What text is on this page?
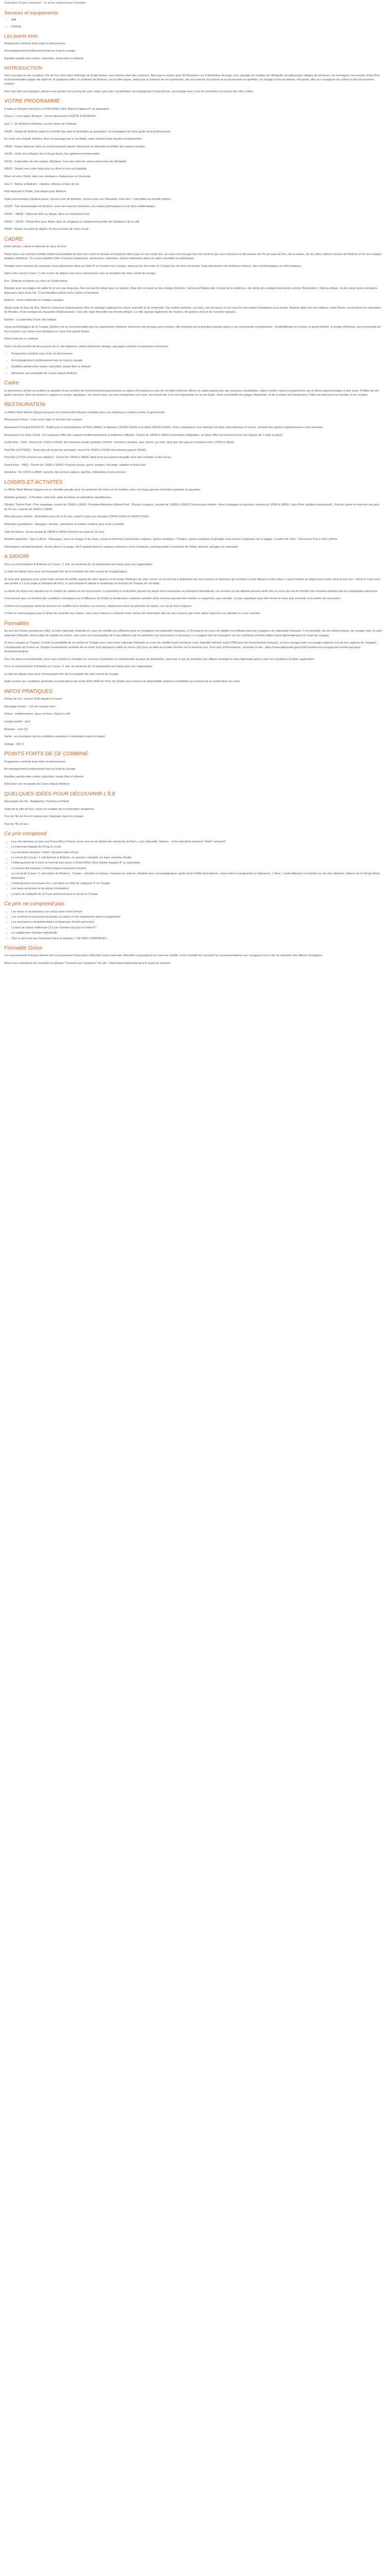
Description Ce qui'e comprend – Ce qui'ne comprend pas Formalités
Services et équipements
• Wifi
• Parking
Les points forts

Programme combiné mais riche en découvertes

Accompagnement professionnel tout au long du voyage

Équilibre parfait entre visites culturelles, temps libre et détente

INTRODUCTION

Terre sauvage et mer complice, l'île de Kos vibre dans l'héritage du Dodécanèse, vous réserve bien des surprises. Bien que le moteur pour 40 kilomètres sur 8 kilomètres de large, tous reguage de vestiges de l'Antiquité, de pittoresque villages de pêcheurs, de montagnes recouvertes d'une flore et d'innombrables plages de sable fin. À quelques milles, le confluent de Bodrum, sur la côte turque, séduit par la richesse de son patrimoine, par son marché aux épices et sa promenade en goélette. Ce voyage à trois en bateau, très prisé, offre aux voyageurs du confort et des découvertes uniques.

Pour être bien accompagné, laissez-vous guider tout au long de votre séjour par notre sympathique accompagnateur francophone, qui partage avec vous les anecdotes et secrets des sites visités.

VOTRE PROGRAMME

5 nuits en formule tout inclus à l'hôtel White Olive Marine Kappari 4* ou équivalent

2 jours / 1 nuit région Bodrum : Circuit découverte D'HÔTE À BODRUM

Jour 1 : De Bodrum à Éphèse, sur les traces de l'Histoire

13h00 : Départ de Bodrum après le contrôle des sites et formalités au passeport, en compagnie de notre guide local professionnel.

En route vers Selçuk, Éphèse. Avec un passage par la rue Batta, cadre naturel d'une beauté exceptionnelle.

14h00 : Pause déjeuner dans un environnement naturel, idéal pour se détendre et profiter des saveurs locales.

15h30 : Visite de la Maison de la Vierge Marie, lieu spirituel incontournable.

16h30 : Exploration du site antique d'Éphèse, l'une des cités les mieux préservées de l'Antiquité.

18h30 : Départ vers votre hôtel pour un dîner et une nuit paisible.

Dîner et nuit à l'hôtel, dans une ambiance chaleureuse et conviviale.

Jour 2 : Retour à Bodrum – Histoire, détente et lieux de vie

Petit-déjeuner à l'hôtel, puis départ pour Bodrum.

Visite panoramique d'Halicarnasse, l'ancien nom de Bodrum, connue pour son Mausolée, l'une des 7 merveilles du monde antique.

12h00 : Tour panoramique de Bodrum, avec ses maisons blanches, ses ruelles pittoresques et son port emblématique.

13h00 – 18h00 : Déjeuner libre au village, dans un restaurant local.

14h00 – 15h30 : Temps libre pour flâner, faire du shopping ou simplement profiter de l'ambiance de la ville.

16h00 : Retour au point de départ, fin des services de votre circuit.

CADRE

Entre histoire, culture et détente au cœur de Kos

Partez pour une aventure inédite mêlant la possibilité de faire une sortie en bateau et d'explorer deux pays en une seule fois, au cours d'un voyage hors du commun qui vous mènera à la découverte de l'île grecque de Kos, de sa nature, de ses villes côtières turques de Bodrum et de ses vestiges antiques d'Éphèse. Ce circuit équilibré mêle richesses historiques, immersions culturelles, plaisirs balnéaires dans un cadre ensoleillé et authentique.

Pendant votre semaine de vacances vous séjournerez dans un hôtel 4* en formule tout compris, ainsi qu'une des nuits en Turquie lors de votre excursion. Vous découvrirez de nombreux trésors, sites archéologiques ou cités antiques.

Dans votre circuit 2 jours / 1 nuit, le jour de départ vous sera communiqué avec la réception de votre carnet de voyage.

Kos : Détente et histoire au cœur du Dodécanèse

Réputée pour ses plages de sable fin et son eau turquoise, Kos est une île idéale pour se reposer. Mais elle est aussi un lieu chargé d'histoire : berceau d'Hippocrate, le père de la médecine, elle abrite des vestiges fascinants comme l'Asclépiéion, l'Agora antique, et des ruines gréco-romaines disposées dans toute l'île. C'est l'équilibre parfait entre culture et farniente.

Bodrum : Entre modernité et vestiges antiques

Située juste en face de Kos, Bodrum (ancienne Halicarnasse) offre un mélange captivant de culture orientale et de modernité. Ses ruelles animées, ses bars, ses terrasses et son marché sont autant d'invitations à se perdre. Bodrum attire par son château, Saint-Pierre, construit par les chevaliers de Rhodes, et les vestiges du mausolée d'Halicarnasse, l'une des Sept Merveilles du monde antique. La ville regorge également de musées, de galeries d'art et de marchés typiques.

Éphèse : La splendeur d'une cité antique

Joyau archéologique de la Turquie, Éphèse est un incontournable pour les passionnés d'histoire. Ancienne cité grecque puis romaine, elle témoigne de la grandeur passée grâce à ses monuments exceptionnels : la bibliothèque de Celsus, le grand théâtre, le temple d'Artémis, une promenade de Kos à travers ces ruines vous plongera au cœur d'un passé illustre.

Points forts de ce combiné

Partir à la découverte de deux joyaux de la côte Égéenne, alliant patrimoine antique, paysages naturels et expérience immersive.

• Programme combiné mais riche en découvertes
• Accompagnement professionnel tout au long du voyage
• Équilibre parfait entre visites culturelles, temps libre et détente
• Idéal pour une escapade de 2 jours depuis Bodrum
Cadre

Le personnel à la fois accueillant, la situation et les sentiers de l'environnement garantissent un séjour d'exception au sein de cet hôtel moderne offrant un cadre parfait pour des vacances inoubliables, alliant confort, repos et expériences sur le thème gastronomique et des soins. Profitez de ses quatre piscines, dont une piscine à vagues et un parc aquatique, ses douze bars, ses trois restaurants à la carte, son beach bar et la vue imprenable sur la mer Égée. Situé à proximité des plages Mastichari, et de la station de Kardámena, l'hôtel est idéal pour les familles et les couples.

RESTAURATION

La White Olive Marine Kappari propose une formule All inclusive complète pour une expérience culinaire variée et gourmande.

Restaurant et Bars : Vous serez logé en formule tout compris.

Restaurant Principal BUFFETS : Buffet pour le petit-déjeuner (07h00-10h00), le déjeuner (12h30-14h30) et le dîner (18h30-21h30). Vous y dégusterez une sélection de plats internationaux et locaux, incluant des options végétariennes et des desserts.

Restaurant à la Carte GLEA : Ce restaurant offre des saveurs méditerranéennes et italiennes raffinées. Ouvert de 19h00 à 22h00 (réservation obligatoire, un dîner offert par personne pour les séjours de 7 nuits ou plus).

Coffee Bar – Petit : Ouvert de 17h00 à 01h00, des boissons locales gratuites 24h/24 : boissons chaudes, vins, bières, jus frais, ainsi que des glaces et snacks entre 17h00 et 18h00.

Pool Bar (OUTSIDE) : Situé près de la piscine principale, ouvert de 10h00 à 01h00 (all inclusive jusqu'à 23h00).

Pool Bar LOTUS (réservé aux adultes) : Ouvert de 10h00 à 18h00, idéal pour une pause tranquille avec des cocktails et des encas.

Snack Area – BBQ : Ouvert de 12h00 à 18h00. Propose pizzas, gyros, burgers, hot-dogs, salades et fruits frais.

Gelateria : De 10h00 à 18h00, yaourts, des grosses glaces, gaufres, milkshakes et plus encore.

LOISIRS ET ACTIVITÉS

La White Olive Marine Kappari est un véritable paradis pour les amateurs de loisirs et les familles, avec une large gamme d'activités gratuites et payantes.

Activités gratuites : 4 Piscines, mini-club, salle de fitness et animations quotidiennes.

Olympic Theme Park : Parc aquatique, ouvert de 10h00 à 18h00. Provides Adventure Waves Pool : Piscine à vagues, ouverte de 10h00 à 18h00. Piscine pour enfants : Avec toboggans et piscines, ouverte de 10h00 à 18h00. Lazy River (adultes uniquement) : Piscine calme et réservée aux plus de 16 ans, ouverte de 10h00 à 19h00.

Mini-club pour enfants : Animations pour les 4-12 ans, ouvert 5 jours par semaine (10h00-12h00 et 15h00-17h00).

Animation quotidienne : Aquagym, aérobic, spectacles et soirées à thème pour toute la famille.

Salle de fitness : Accès gratuit de 09h00 à 19h00 (réservé aux plus de 16 ans).

Activités payantes : Spa La Brise : Massages, soins du visage et du corps, sauna et hammam (réservation requise). Sports nautiques : Pédalos, sports nautiques et plongée sous-marine (organisés sur la plage). Location de vélos : Découvrez Kos à votre rythme.

Informations complémentaires : Accès direct à la plage, Wi-Fi gratuit dans les espaces communs et les chambres, parking gratuit à l'extérieur de l'hôtel, épicerie, plongée sur demande.

A SAVOIR

Pour ce circuit Éphèse & Bodrum en 2 jours / 1 nuit, un minimum de 10 participants est requis pour son organisation.

La date de départ vous sera communiquée lors de la réception de votre carnet de voyage/séjour.

Je vous prie quelques jours avant votre arrivée de vérifier auprès de votre agence et d'écouter l'itinéraire de votre circuit. Le vol est mis à disposition de vous assurer un itinéraire qui convient à votre départ et votre retour. L'exact horaire du départ peut varier selon le jour (Ex : retour le 4 juin avec une arrivée à 2 h au matin à l'aéroport de Kos), ce qui entraîne le départ le lendemain en fonction de l'horaire de vol initial.

La durée du séjour est calculée sur le nombre de nuitées et non de journées. La première et la dernière journée du séjour sont consacrées au transport international. Les arrivées ou les départs peuvent avoir lieu en cours de nuit en fonction des horaires imposés par les compagnies aériennes.

Il est précisé que, en fonction des conditions climatiques ou à l'affluence de l'hôtel ou localement, certaines activités et/ou services peuvent être réduits ou supprimés, par exemple : le parc aquatique peut être fermé en hiver (par exemple, si la météo est mauvaise).

L'hôtel et la compagnie aérienne peuvent en modifier leurs horaires ou services, notamment selon les périodes de saison, en cas de force majeure.

L'hôtel ne communiquera pas le détail des activités aux clients, nous vous invitons à contacter notre service de réservation afin de vous assurer que votre séjour répond à vos attentes et à vos souhaits.

Formalités

Au sein de l'Union européenne (UE), la carte nationale d'identité en cours de validité est suffisante pour les voyageurs de nationalité française. Le Passeport en cours de validité est suffisant pour les voyageurs de nationalité française. Il est possible, sur les mêmes bases, de voyager avec la carte nationale d'identité, dont la date de validité est échue, mais avec une prolongation de 5 ans délivrée par les autorités (voir documents ci-dessous). Le voyageur doit se renseigner sur les conditions d'entrée (https://www.diplomatie.gouv.fr) avant de voyager.

Si vous voyagez en Turquie, il existe la possibilité de se rendre en Turquie avec votre carte nationale d'identité en cours de validité (sauf l'ancienne carte d'identité délivrée avant 2004 pour les ressortissants français), si vous voyagez avec un voyage organisé (circuit avec agence de voyages). L'Ambassade de France en Turquie recommande toutefois de se munir d'un passeport valide au moins 150 jours au-delà de la date d'entrée sur le territoire turc. Pour plus d'informations, consultez le site : https://www.diplomatie.gouv.fr/fr/conseils-aux-voyageurs/conseils-par-pays-destination/turquie/

Pour les autres ressortissants, nous vous invitons à consulter les services consulaires ou l'ambassade du pays de destination, ainsi que le site du ministère des affaires étrangères www.diplomatie.gouv.fr pour les conditions d'entrée applicables.

Pour ce circuit Éphèse & Bodrum en 2 jours / 1 nuit, un minimum de 10 participants est requis pour son organisation.

La date de départ vous sera communiquée lors de la réception de votre carnet de voyage.

Tarifs soumis aux conditions générales et particulières de vente 2025-2026 de Terre De Soleils sous réserve de disponibilité aérienne et hôtelière au moment de la confirmation du client.

INFOS PRATIQUES

Temps de vol : environ 3h30 depuis la France

Décalage horaire : +1h été comme hiver

Climat : méditerranéen, doux en hiver, chaud en été

Langue parlée : grec

Monnaie : euro (€)

Santé : se renseigner sur les conditions sanitaires à destination avant le départ

Voltage : 220 V

POINTS FORTS DE CE COMBINÉ

Programme combiné mais riche en découvertes

Accompagnement professionnel tout au long du voyage

Équilibre parfait entre visites culturelles, temps libre et détente

Idéal pour une escapade de 2 jours depuis Bodrum

QUELQUES IDÉES POUR DÉCOUVRIR L'ÎLE

Découverte de l'île : Asklepeion, Pachona et Pléisti

Visite de la ville de Kos, ruines et vestiges de la domination vénitienne

Tour de l'île de Kos en bateau avec baignade dans les criques

Tour de l'île en bus

Ce prix comprend
• Les vols spéciaux ou low-cost France/Kos /France (sous réserve de départ des aéroports de Paris, Lyon, Marseille, Nantes... et les transferts aéroport / hôtel / aéroport)
• La franchise bagage de 23 kg en soute
• Les transferts aéroport / hôtel / aéroport (aller-retour)
• Le circuit de 2 jours / 1 nuit Éphèse & Bodrum, en pension complète sur base chambre double
• L'hébergement de 5 nuits en formule tout inclus à l'hôtel White Olive Marine Kappari 4* ou équivalent
• La formule All inclusive à l'hôtel (repas et boissons locales)
• Le circuit de 2 jours / 1 nuit région de Bodrum : Turquie - transfert en bateau, transport en autocar climatisé avec accompagnateur, guide local certifié francophone, repas selon le programme (2 déjeuners, 1 dîner, 1 petit-déjeuner) et entrées sur les sites (Éphèse, Maison de la Vierge Marie, Mausolée)
• L'hébergement sur la base de 1 nuit dans un hôtel de catégorie 4* en Turquie
• Les taxes aériennes et de séjour (révisables)
• La taxe de solidarité de 10 € par personne pour le circuit en Turquie
Ce prix ne comprend pas
• Les repas et les boissons non inclus dans votre formule
• Les services et excursions proposés sur place et non mentionnés dans le programme
• Les assurances complémentaires et dépenses d'ordre personnel
• La taxe de séjour hellénique (3 € par chambre par jour en hôtel 4*)
• Le supplément chambre individuelle
• Tout ce qui n'est pas mentionné dans la rubrique « CE PRIX COMPREND »
Formalité Grèce

Les ressortissants français doivent être en possession d'une pièce d'identité (carte nationale d'identité ou passeport) en cours de validité. Il est conseillé de consulter les recommandations aux voyageurs sur le site du ministère des affaires étrangères.

Nous vous conseillons de consulter la rubrique "Conseils aux voyageurs" du site : https://www.diplomatie.gouv.fr avant de réserver.
